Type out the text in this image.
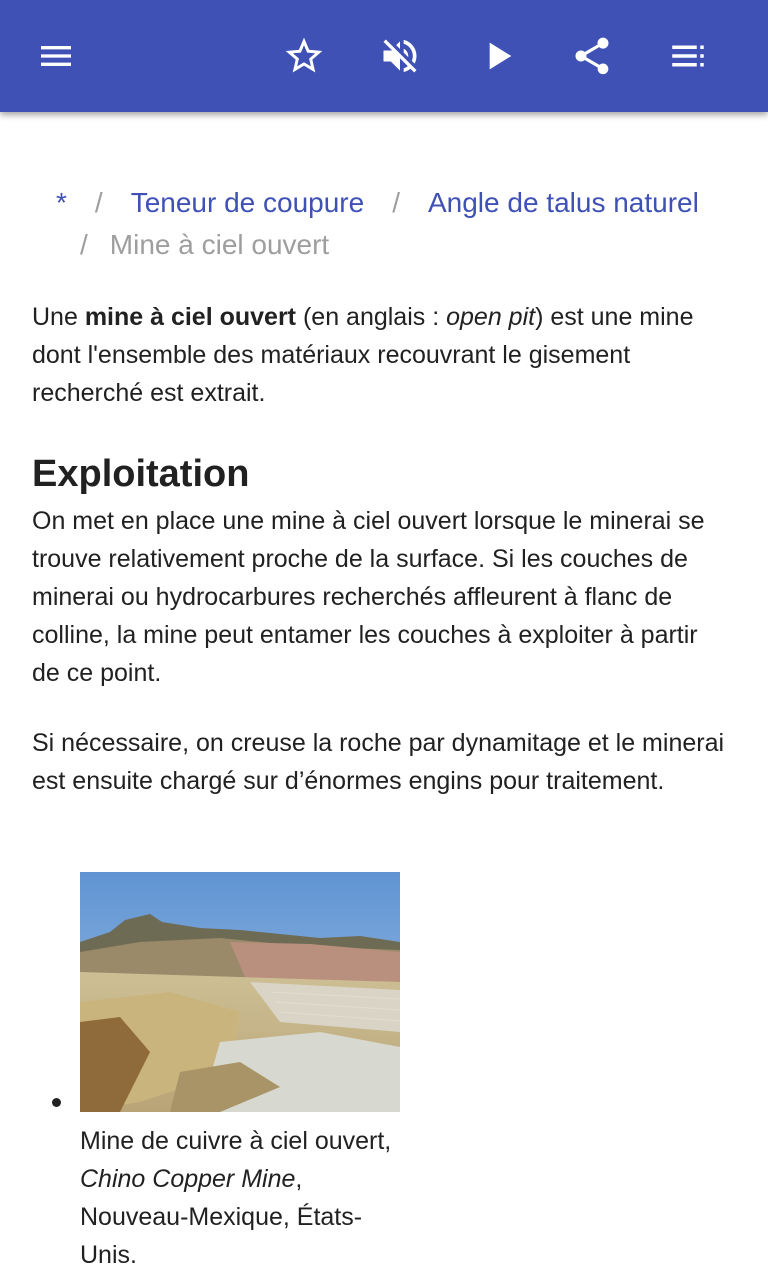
* / Teneur de coupure / Angle de talus naturel
/ Mine à ciel ouvert

Une mine à ciel ouvert (en anglais : open pit) est une mine dont l'ensemble des matériaux recouvrant le gisement recherché est extrait.

Exploitation

On met en place une mine à ciel ouvert lorsque le minerai se trouve relativement proche de la surface. Si les couches de minerai ou hydrocarbures recherchés affleurent à flanc de colline, la mine peut entamer les couches à exploiter à partir de ce point.

Si nécessaire, on creuse la roche par dynamitage et le minerai est ensuite chargé sur d’énormes engins pour traitement.

Mine de cuivre à ciel ouvert, Chino Copper Mine, Nouveau-Mexique, États-Unis.
